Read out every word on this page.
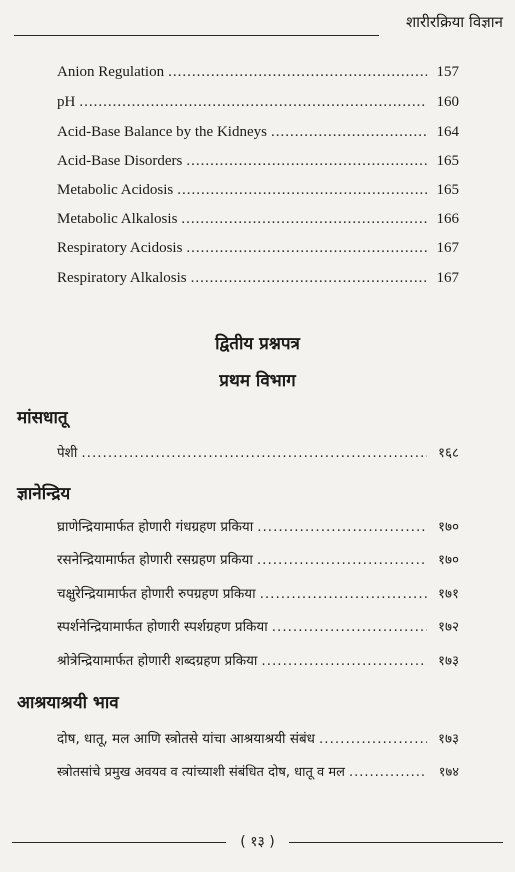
शारीरक्रिया विज्ञान
Anion Regulation .....	157
pH .....	160
Acid-Base Balance by the Kidneys .....	164
Acid-Base Disorders .....	165
Metabolic Acidosis .....	165
Metabolic Alkalosis .....	166
Respiratory Acidosis .....	167
Respiratory Alkalosis .....	167
द्वितीय प्रश्नपत्र
प्रथम विभाग
मांसधातू
पेशी .....	१६८
ज्ञानेन्द्रिय
घ्राणेन्द्रियामार्फत होणारी गंधग्रहण प्रकिया .....	१७०
रसनेन्द्रियामार्फत होणारी रसग्रहण प्रकिया .....	१७०
चक्षुरेन्द्रियामार्फत होणारी रुपग्रहण प्रकिया .....	१७१
स्पर्शनेन्द्रियामार्फत होणारी स्पर्शग्रहण प्रकिया .....	१७२
श्रोत्रेन्द्रियामार्फत होणारी शब्दग्रहण प्रकिया .....	१७३
आश्रयाश्रयी भाव
दोष, धातू, मल आणि स्त्रोतसे यांचा आश्रयाश्रयी संबंध .....	१७३
स्त्रोतसांचे प्रमुख अवयव व त्यांच्याशी संबंधित दोष, धातू व मल .....	१७४
( १३ )
